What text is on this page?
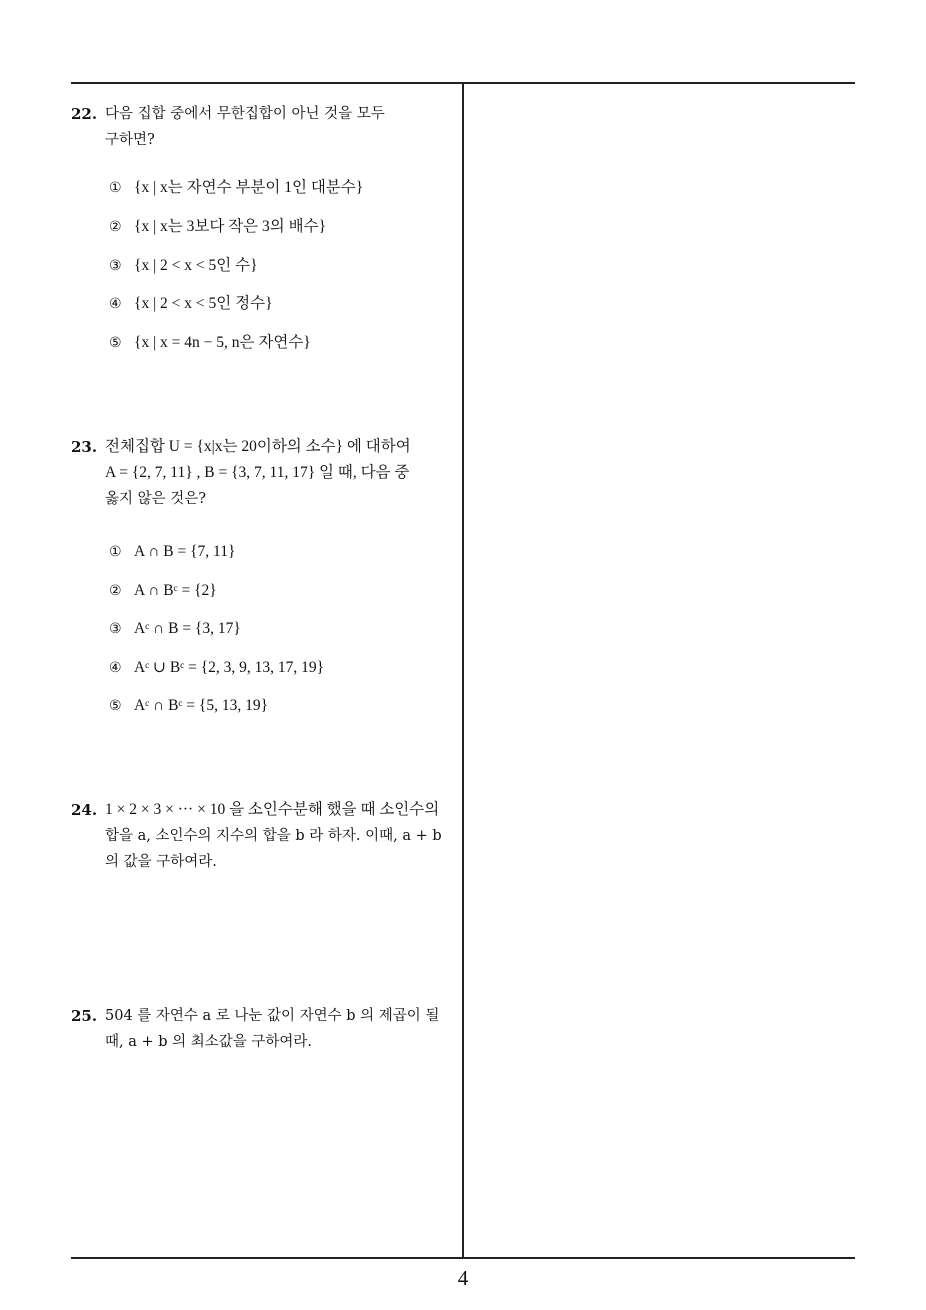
22. 다음 집합 중에서 무한집합이 아닌 것을 모두
구하면?
① {x | x는 자연수 부분이 1인 대분수}
② {x | x는 3보다 작은 3의 배수}
③ {x | 2 < x < 5인 수}
④ {x | 2 < x < 5인 정수}
⑤ {x | x = 4n − 5, n은 자연수}
23. 전체집합 U = {x|x는 20이하의 소수} 에 대하여
A = {2, 7, 11} , B = {3, 7, 11, 17} 일 때, 다음 중
옳지 않은 것은?
① A ∩ B = {7, 11}
② A ∩ Bᶜ = {2}
③ Aᶜ ∩ B = {3, 17}
④ Aᶜ ∪ Bᶜ = {2, 3, 9, 13, 17, 19}
⑤ Aᶜ ∩ Bᶜ = {5, 13, 19}
24. 1 × 2 × 3 × ··· × 10 을 소인수분해 했을 때 소인수의
합을 a, 소인수의 지수의 합을 b 라 하자. 이때, a + b
의 값을 구하여라.
25. 504 를 자연수 a 로 나눈 값이 자연수 b 의 제곱이 될
때, a + b 의 최소값을 구하여라.
4
